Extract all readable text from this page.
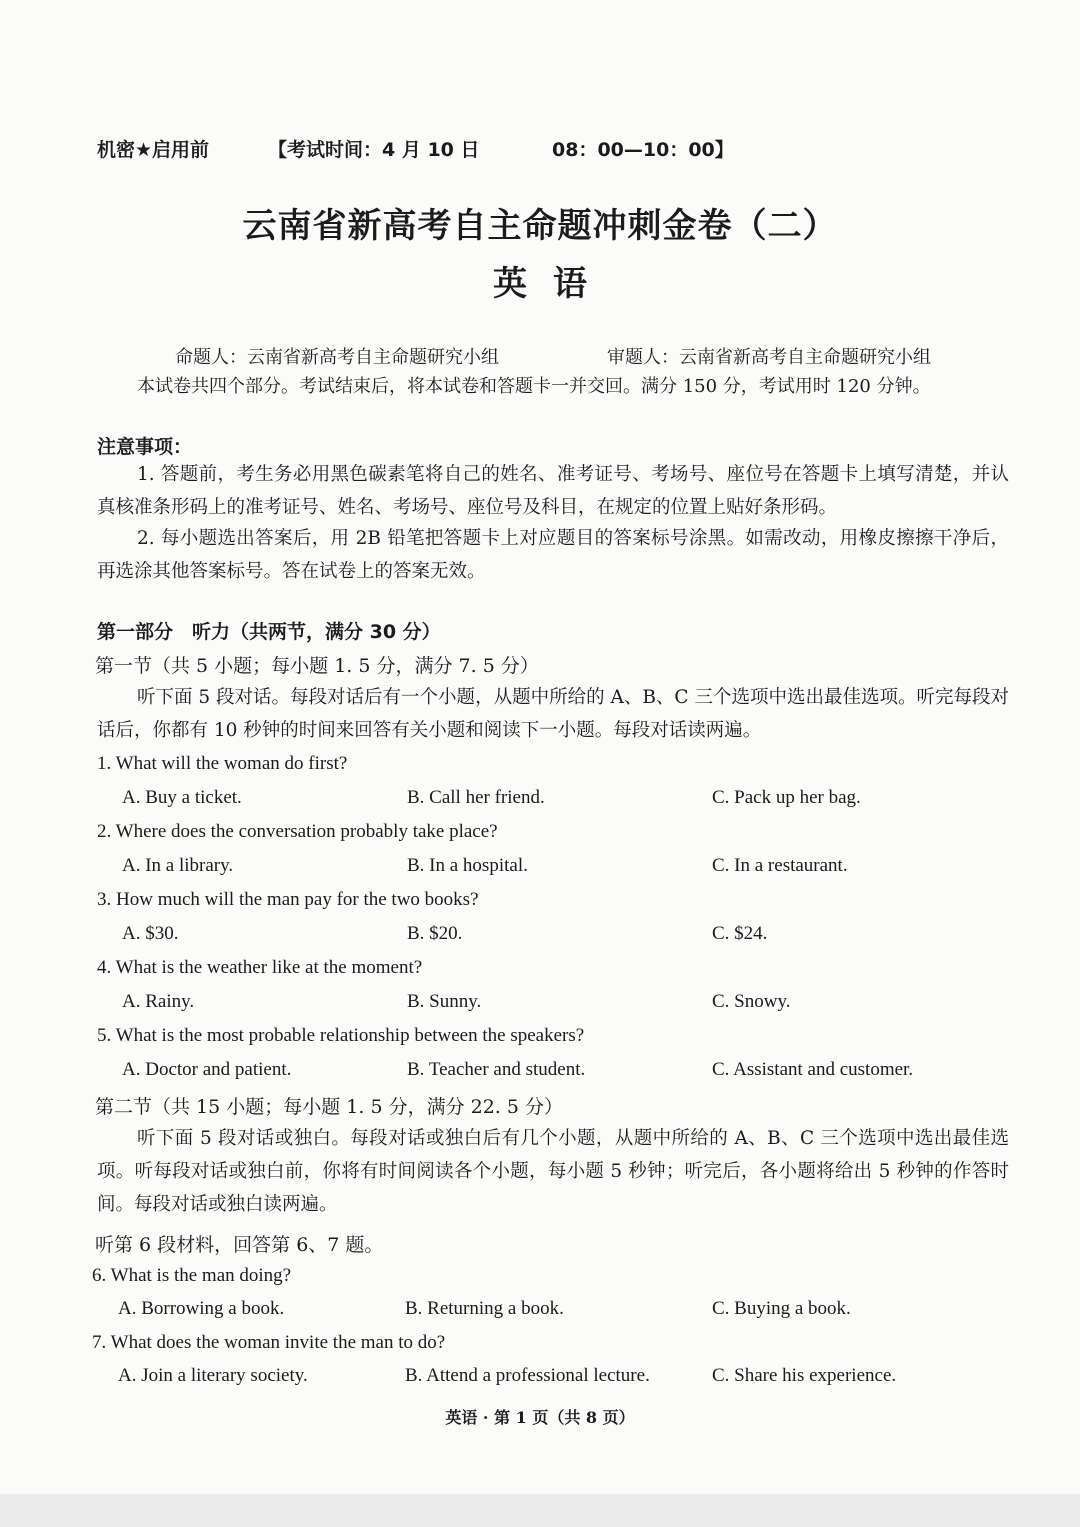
机密★启用前	【考试时间：4 月 10 日	08：00—10：00】
云南省新高考自主命题冲刺金卷（二）
英语
命题人：云南省新高考自主命题研究小组	审题人：云南省新高考自主命题研究小组
本试卷共四个部分。考试结束后，将本试卷和答题卡一并交回。满分 150 分，考试用时 120 分钟。
注意事项：
1. 答题前，考生务必用黑色碳素笔将自己的姓名、准考证号、考场号、座位号在答题卡上填写清楚，并认真核准条形码上的准考证号、姓名、考场号、座位号及科目，在规定的位置上贴好条形码。
2. 每小题选出答案后，用 2B 铅笔把答题卡上对应题目的答案标号涂黑。如需改动，用橡皮擦擦干净后，再选涂其他答案标号。答在试卷上的答案无效。
第一部分　听力（共两节，满分 30 分）
第一节（共 5 小题；每小题 1. 5 分，满分 7. 5 分）
听下面 5 段对话。每段对话后有一个小题，从题中所给的 A、B、C 三个选项中选出最佳选项。听完每段对话后，你都有 10 秒钟的时间来回答有关小题和阅读下一小题。每段对话读两遍。
1. What will the woman do first?
A. Buy a ticket.	B. Call her friend.	C. Pack up her bag.
2. Where does the conversation probably take place?
A. In a library.	B. In a hospital.	C. In a restaurant.
3. How much will the man pay for the two books?
A. $30.	B. $20.	C. $24.
4. What is the weather like at the moment?
A. Rainy.	B. Sunny.	C. Snowy.
5. What is the most probable relationship between the speakers?
A. Doctor and patient.	B. Teacher and student.	C. Assistant and customer.
第二节（共 15 小题；每小题 1. 5 分，满分 22. 5 分）
听下面 5 段对话或独白。每段对话或独白后有几个小题，从题中所给的 A、B、C 三个选项中选出最佳选项。听每段对话或独白前，你将有时间阅读各个小题，每小题 5 秒钟；听完后，各小题将给出 5 秒钟的作答时间。每段对话或独白读两遍。
听第 6 段材料，回答第 6、7 题。
6. What is the man doing?
A. Borrowing a book.	B. Returning a book.	C. Buying a book.
7. What does the woman invite the man to do?
A. Join a literary society.	B. Attend a professional lecture.	C. Share his experience.
英语 · 第 1 页（共 8 页）
